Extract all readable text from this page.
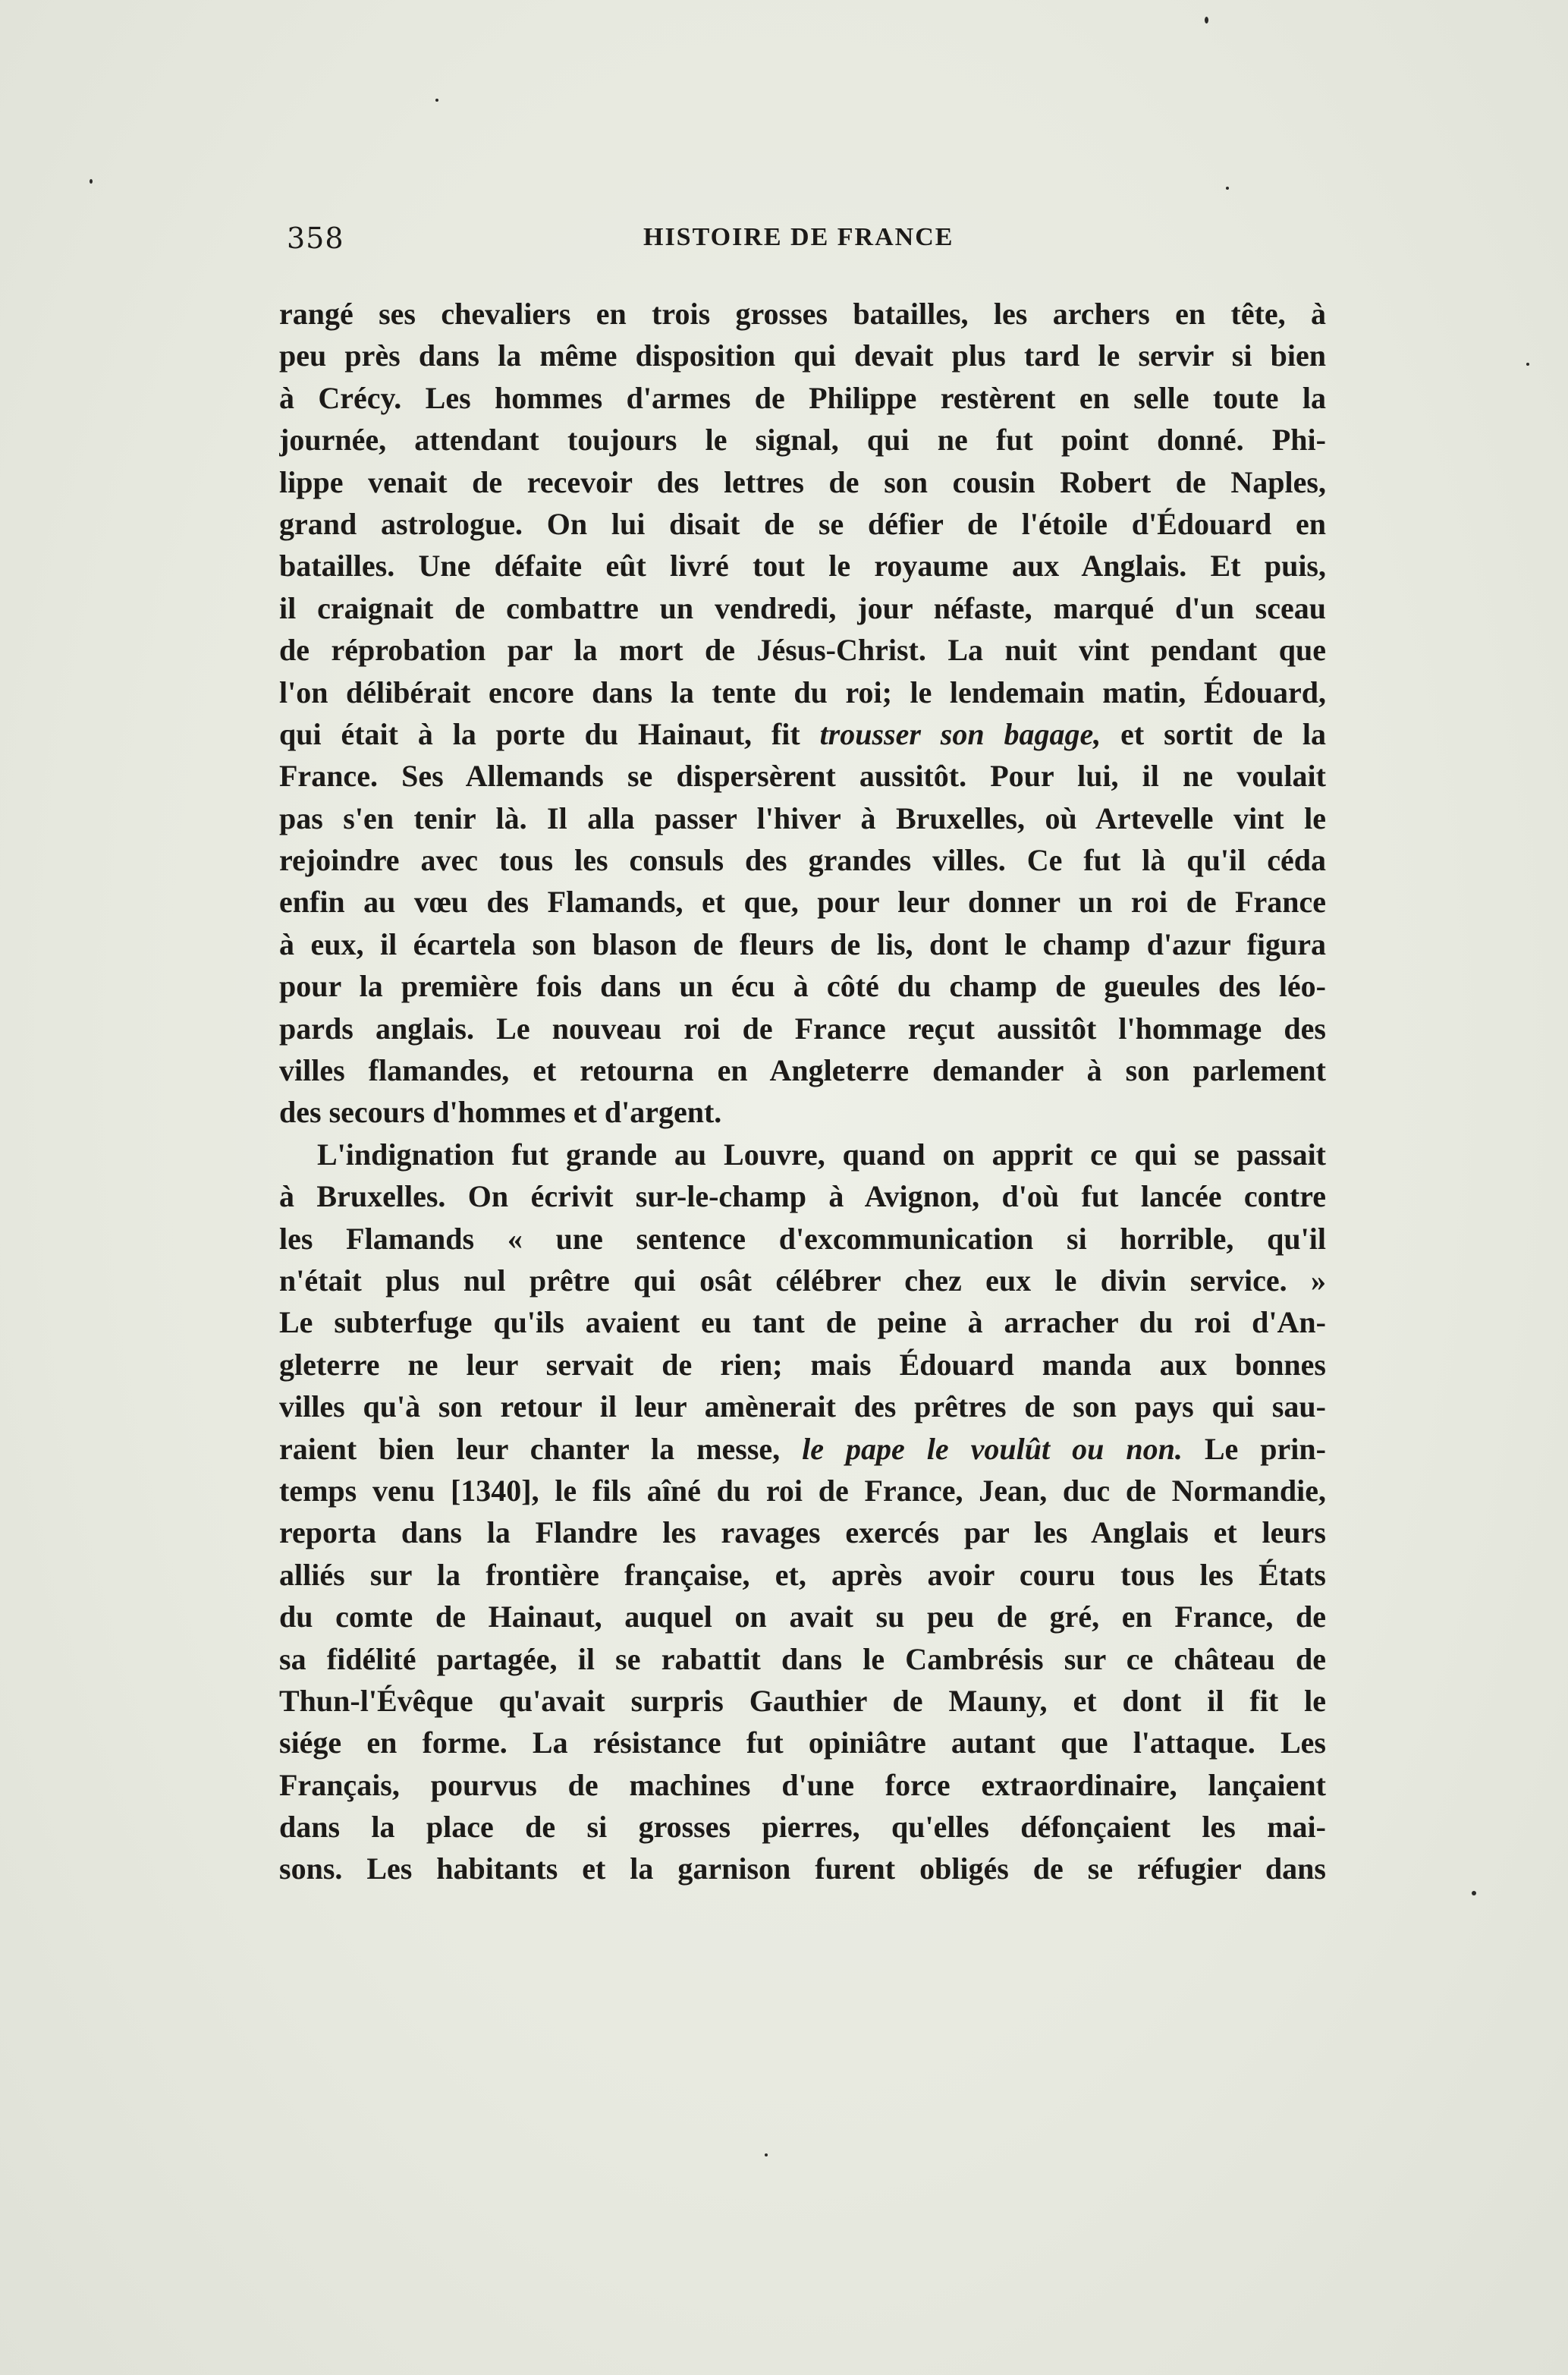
358	HISTOIRE DE FRANCE
rangé ses chevaliers en trois grosses batailles, les archers en tête, à
peu près dans la même disposition qui devait plus tard le servir si bien
à Crécy. Les hommes d'armes de Philippe restèrent en selle toute la
journée, attendant toujours le signal, qui ne fut point donné. Phi-
lippe venait de recevoir des lettres de son cousin Robert de Naples,
grand astrologue. On lui disait de se défier de l'étoile d'Édouard en
batailles. Une défaite eût livré tout le royaume aux Anglais. Et puis,
il craignait de combattre un vendredi, jour néfaste, marqué d'un sceau
de réprobation par la mort de Jésus-Christ. La nuit vint pendant que
l'on délibérait encore dans la tente du roi; le lendemain matin, Édouard,
qui était à la porte du Hainaut, fit trousser son bagage, et sortit de la
France. Ses Allemands se dispersèrent aussitôt. Pour lui, il ne voulait
pas s'en tenir là. Il alla passer l'hiver à Bruxelles, où Artevelle vint le
rejoindre avec tous les consuls des grandes villes. Ce fut là qu'il céda
enfin au vœu des Flamands, et que, pour leur donner un roi de France
à eux, il écartela son blason de fleurs de lis, dont le champ d'azur figura
pour la première fois dans un écu à côté du champ de gueules des léo-
pards anglais. Le nouveau roi de France reçut aussitôt l'hommage des
villes flamandes, et retourna en Angleterre demander à son parlement
des secours d'hommes et d'argent.
L'indignation fut grande au Louvre, quand on apprit ce qui se passait
à Bruxelles. On écrivit sur-le-champ à Avignon, d'où fut lancée contre
les Flamands « une sentence d'excommunication si horrible, qu'il
n'était plus nul prêtre qui osât célébrer chez eux le divin service. »
Le subterfuge qu'ils avaient eu tant de peine à arracher du roi d'An-
gleterre ne leur servait de rien; mais Édouard manda aux bonnes
villes qu'à son retour il leur amènerait des prêtres de son pays qui sau-
raient bien leur chanter la messe, le pape le voulût ou non. Le prin-
temps venu [1340], le fils aîné du roi de France, Jean, duc de Normandie,
reporta dans la Flandre les ravages exercés par les Anglais et leurs
alliés sur la frontière française, et, après avoir couru tous les États
du comte de Hainaut, auquel on avait su peu de gré, en France, de
sa fidélité partagée, il se rabattit dans le Cambrésis sur ce château de
Thun-l'Évêque qu'avait surpris Gauthier de Mauny, et dont il fit le
siége en forme. La résistance fut opiniâtre autant que l'attaque. Les
Français, pourvus de machines d'une force extraordinaire, lançaient
dans la place de si grosses pierres, qu'elles défonçaient les mai-
sons. Les habitants et la garnison furent obligés de se réfugier dans
